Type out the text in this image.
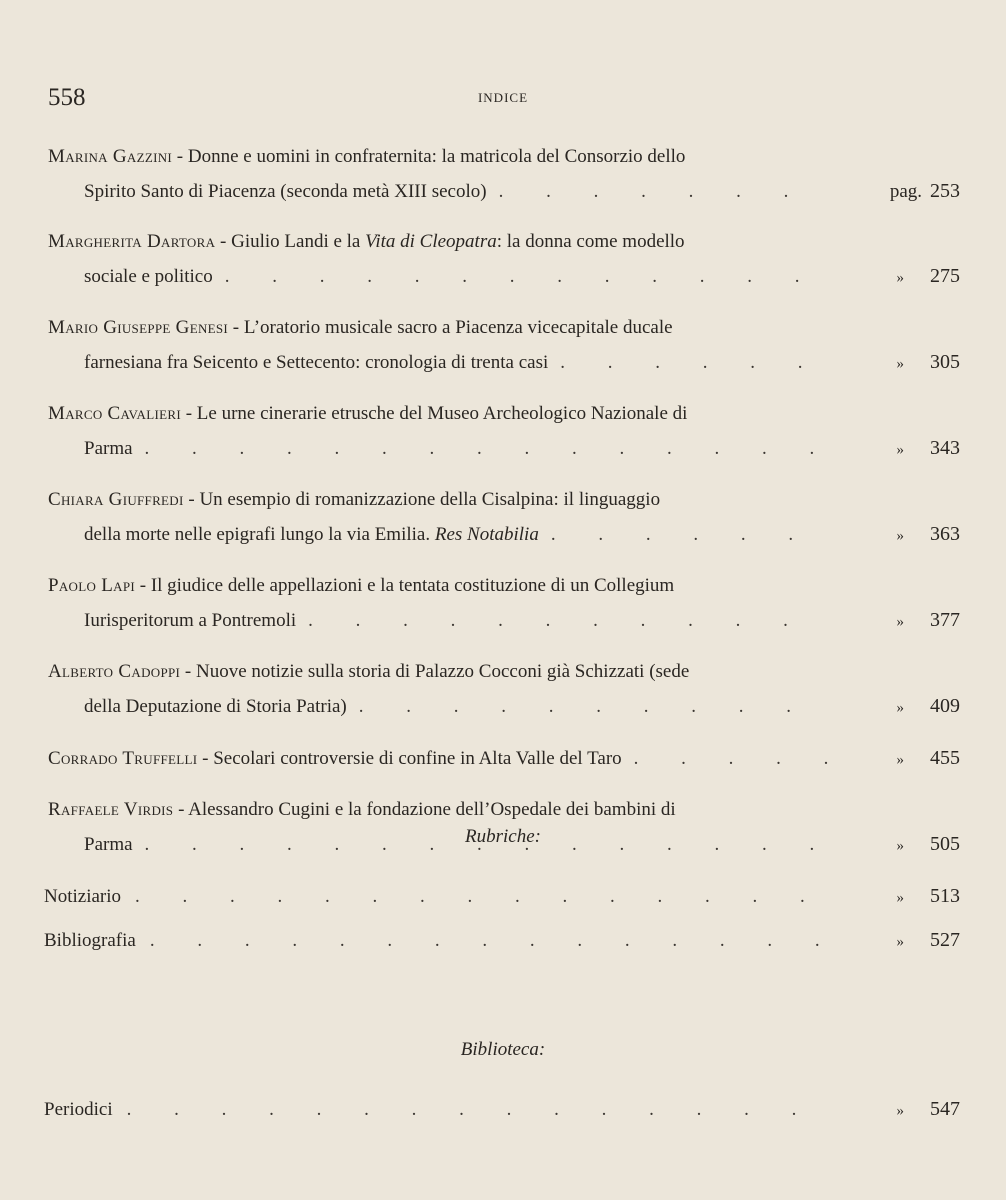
558	INDICE
Marina Gazzini - Donne e uomini in confraternita: la matricola del Consorzio dello
Spirito Santo di Piacenza (seconda metà XIII secolo) . . .	pag. 253
Margherita Dartora - Giulio Landi e la Vita di Cleopatra: la donna come modello
sociale e politico . . .	» 275
Mario Giuseppe Genesi - L’oratorio musicale sacro a Piacenza vicecapitale ducale
farnesiana fra Seicento e Settecento: cronologia di trenta casi . . .	» 305
Marco Cavalieri - Le urne cinerarie etrusche del Museo Archeologico Nazionale di
Parma . . .	» 343
Chiara Giuffredi - Un esempio di romanizzazione della Cisalpina: il linguaggio
della morte nelle epigrafi lungo la via Emilia. Res Notabilia . . .	» 363
Paolo Lapi - Il giudice delle appellazioni e la tentata costituzione di un Collegium
Iurisperitorum a Pontremoli . . .	» 377
Alberto Cadoppi - Nuove notizie sulla storia di Palazzo Cocconi già Schizzati (sede
della Deputazione di Storia Patria) . . .	» 409
Corrado Truffelli - Secolari controversie di confine in Alta Valle del Taro . . .	» 455
Raffaele Virdis - Alessandro Cugini e la fondazione dell’Ospedale dei bambini di
Parma . . .	» 505
Rubriche:
Notiziario . . .	» 513
Bibliografia . . .	» 527
Biblioteca:
Periodici . . .	» 547
